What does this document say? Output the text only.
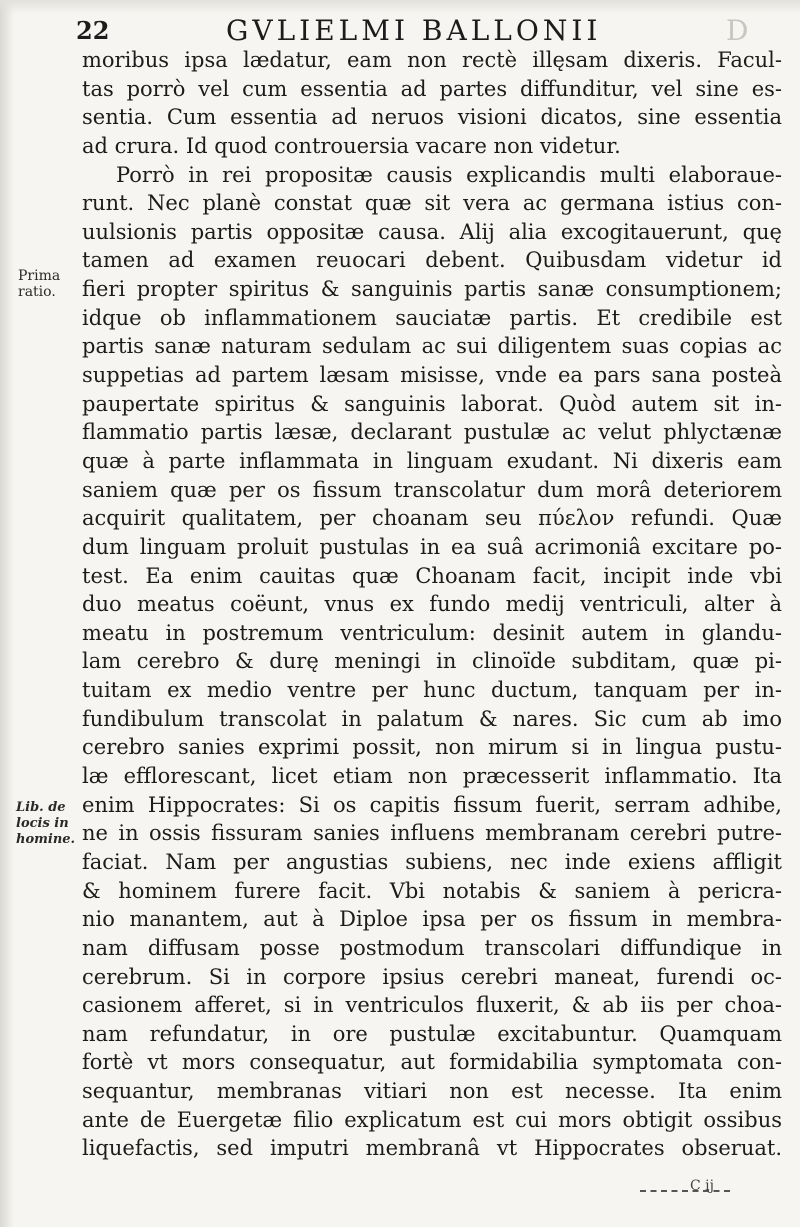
22	GVLIELMI BALLONII	D
Prima
ratio.
Lib. de
locis in
homine.
moribus ipsa lædatur, eam non rectè illęsam dixeris. Facul-
tas porrò vel cum essentia ad partes diffunditur, vel sine es-
sentia. Cum essentia ad neruos visioni dicatos, sine essentia
ad crura. Id quod controuersia vacare non videtur.
Porrò in rei propositæ causis explicandis multi elaboraue-
runt. Nec planè constat quæ sit vera ac germana istius con-
uulsionis partis oppositæ causa. Alij alia excogitauerunt, quę
tamen ad examen reuocari debent. Quibusdam videtur id
fieri propter spiritus & sanguinis partis sanæ consumptionem;
idque ob inflammationem sauciatæ partis. Et credibile est
partis sanæ naturam sedulam ac sui diligentem suas copias ac
suppetias ad partem læsam misisse, vnde ea pars sana posteà
paupertate spiritus & sanguinis laborat. Quòd autem sit in-
flammatio partis læsæ, declarant pustulæ ac velut phlyctænæ
quæ à parte inflammata in linguam exudant. Ni dixeris eam
saniem quæ per os fissum transcolatur dum morâ deteriorem
acquirit qualitatem, per choanam seu πύελον refundi. Quæ
dum linguam proluit pustulas in ea suâ acrimoniâ excitare po-
test. Ea enim cauitas quæ Choanam facit, incipit inde vbi
duo meatus coëunt, vnus ex fundo medij ventriculi, alter à
meatu in postremum ventriculum: desinit autem in glandu-
lam cerebro & durę meningi in clinoïde subditam, quæ pi-
tuitam ex medio ventre per hunc ductum, tanquam per in-
fundibulum transcolat in palatum & nares. Sic cum ab imo
cerebro sanies exprimi possit, non mirum si in lingua pustu-
læ efflorescant, licet etiam non præcesserit inflammatio. Ita
enim Hippocrates: Si os capitis fissum fuerit, serram adhibe,
ne in ossis fissuram sanies influens membranam cerebri putre-
faciat. Nam per angustias subiens, nec inde exiens affligit
& hominem furere facit. Vbi notabis & saniem à pericra-
nio manantem, aut à Diploe ipsa per os fissum in membra-
nam diffusam posse postmodum transcolari diffundique in
cerebrum. Si in corpore ipsius cerebri maneat, furendi oc-
casionem afferet, si in ventriculos fluxerit, & ab iis per choa-
nam refundatur, in ore pustulæ excitabuntur. Quamquam
fortè vt mors consequatur, aut formidabilia symptomata con-
sequantur, membranas vitiari non est necesse. Ita enim
ante de Euergetæ filio explicatum est cui mors obtigit ossibus
liquefactis, sed imputri membranâ vt Hippocrates obseruat.
C ij
